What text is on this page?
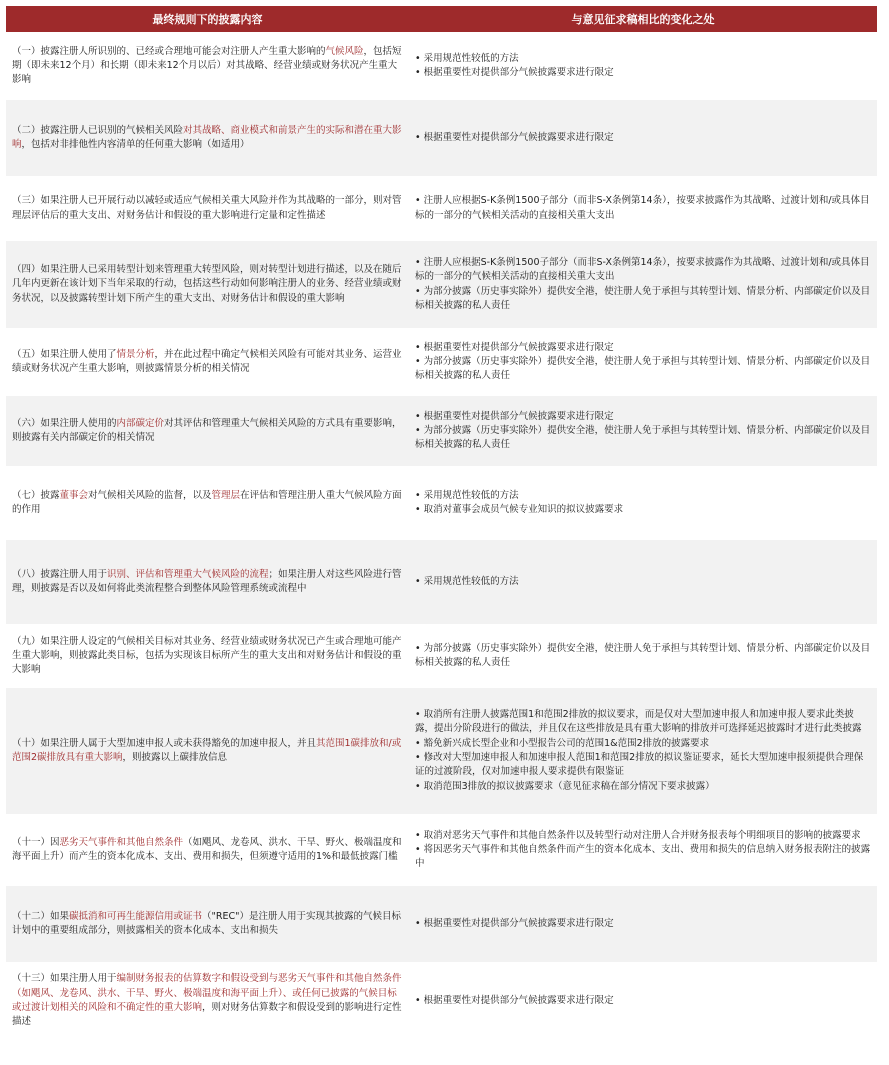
最终规则下的披露内容	与意见征求稿相比的变化之处
（一）披露注册人所识别的、已经或合理地可能会对注册人产生重大影响的气候风险，包括短期（即未来12个月）和长期（即未来12个月以后）对其战略、经营业绩或财务状况产生重大影响
• 采用规范性较低的方法
• 根据重要性对提供部分气候披露要求进行限定
（二）披露注册人已识别的气候相关风险对其战略、商业模式和前景产生的实际和潜在重大影响，包括对非排他性内容清单的任何重大影响（如适用）
• 根据重要性对提供部分气候披露要求进行限定
（三）如果注册人已开展行动以减轻或适应气候相关重大风险并作为其战略的一部分，则对管理层评估后的重大支出、对财务估计和假设的重大影响进行定量和定性描述
• 注册人应根据S-K条例1500子部分（而非S-X条例第14条），按要求披露作为其战略、过渡计划和/或具体目标的一部分的气候相关活动的直接相关重大支出
（四）如果注册人已采用转型计划来管理重大转型风险，则对转型计划进行描述，以及在随后几年内更新在该计划下当年采取的行动，包括这些行动如何影响注册人的业务、经营业绩或财务状况，以及披露转型计划下所产生的重大支出、对财务估计和假设的重大影响
• 注册人应根据S-K条例1500子部分（而非S-X条例第14条），按要求披露作为其战略、过渡计划和/或具体目标的一部分的气候相关活动的直接相关重大支出
• 为部分披露（历史事实除外）提供安全港，使注册人免于承担与其转型计划、情景分析、内部碳定价以及目标相关披露的私人责任
（五）如果注册人使用了情景分析，并在此过程中确定气候相关风险有可能对其业务、运营业绩或财务状况产生重大影响，则披露情景分析的相关情况
• 根据重要性对提供部分气候披露要求进行限定
• 为部分披露（历史事实除外）提供安全港，使注册人免于承担与其转型计划、情景分析、内部碳定价以及目标相关披露的私人责任
（六）如果注册人使用的内部碳定价对其评估和管理重大气候相关风险的方式具有重要影响，则披露有关内部碳定价的相关情况
• 根据重要性对提供部分气候披露要求进行限定
• 为部分披露（历史事实除外）提供安全港，使注册人免于承担与其转型计划、情景分析、内部碳定价以及目标相关披露的私人责任
（七）披露董事会对气候相关风险的监督，以及管理层在评估和管理注册人重大气候风险方面的作用
• 采用规范性较低的方法
• 取消对董事会成员气候专业知识的拟议披露要求
（八）披露注册人用于识别、评估和管理重大气候风险的流程；如果注册人对这些风险进行管理，则披露是否以及如何将此类流程整合到整体风险管理系统或流程中
• 采用规范性较低的方法
（九）如果注册人设定的气候相关目标对其业务、经营业绩或财务状况已产生或合理地可能产生重大影响，则披露此类目标，包括为实现该目标所产生的重大支出和对财务估计和假设的重大影响
• 为部分披露（历史事实除外）提供安全港，使注册人免于承担与其转型计划、情景分析、内部碳定价以及目标相关披露的私人责任
（十）如果注册人属于大型加速申报人或未获得豁免的加速申报人，并且其范围1碳排放和/或范围2碳排放具有重大影响，则披露以上碳排放信息
• 取消所有注册人披露范围1和范围2排放的拟议要求，而是仅对大型加速申报人和加速申报人要求此类披露，提出分阶段进行的做法，并且仅在这些排放是具有重大影响的排放并可选择延迟披露时才进行此类披露
• 豁免新兴成长型企业和小型报告公司的范围1&范围2排放的披露要求
• 修改对大型加速申报人和加速申报人范围1和范围2排放的拟议鉴证要求，延长大型加速申报须提供合理保证的过渡阶段，仅对加速申报人要求提供有限鉴证
• 取消范围3排放的拟议披露要求（意见征求稿在部分情况下要求披露）
（十一）因恶劣天气事件和其他自然条件（如飓风、龙卷风、洪水、干旱、野火、极端温度和海平面上升）而产生的资本化成本、支出、费用和损失，但须遵守适用的1%和最低披露门槛
• 取消对恶劣天气事件和其他自然条件以及转型行动对注册人合并财务报表每个明细项目的影响的披露要求
• 将因恶劣天气事件和其他自然条件而产生的资本化成本、支出、费用和损失的信息纳入财务报表附注的披露中
（十二）如果碳抵消和可再生能源信用或证书（"REC"）是注册人用于实现其披露的气候目标计划中的重要组成部分，则披露相关的资本化成本、支出和损失
• 根据重要性对提供部分气候披露要求进行限定
（十三）如果注册人用于编制财务报表的估算数字和假设受到与恶劣天气事件和其他自然条件（如飓风、龙卷风、洪水、干旱、野火、极端温度和海平面上升）、或任何已披露的气候目标或过渡计划相关的风险和不确定性的重大影响，则对财务估算数字和假设受到的影响进行定性描述
• 根据重要性对提供部分气候披露要求进行限定
